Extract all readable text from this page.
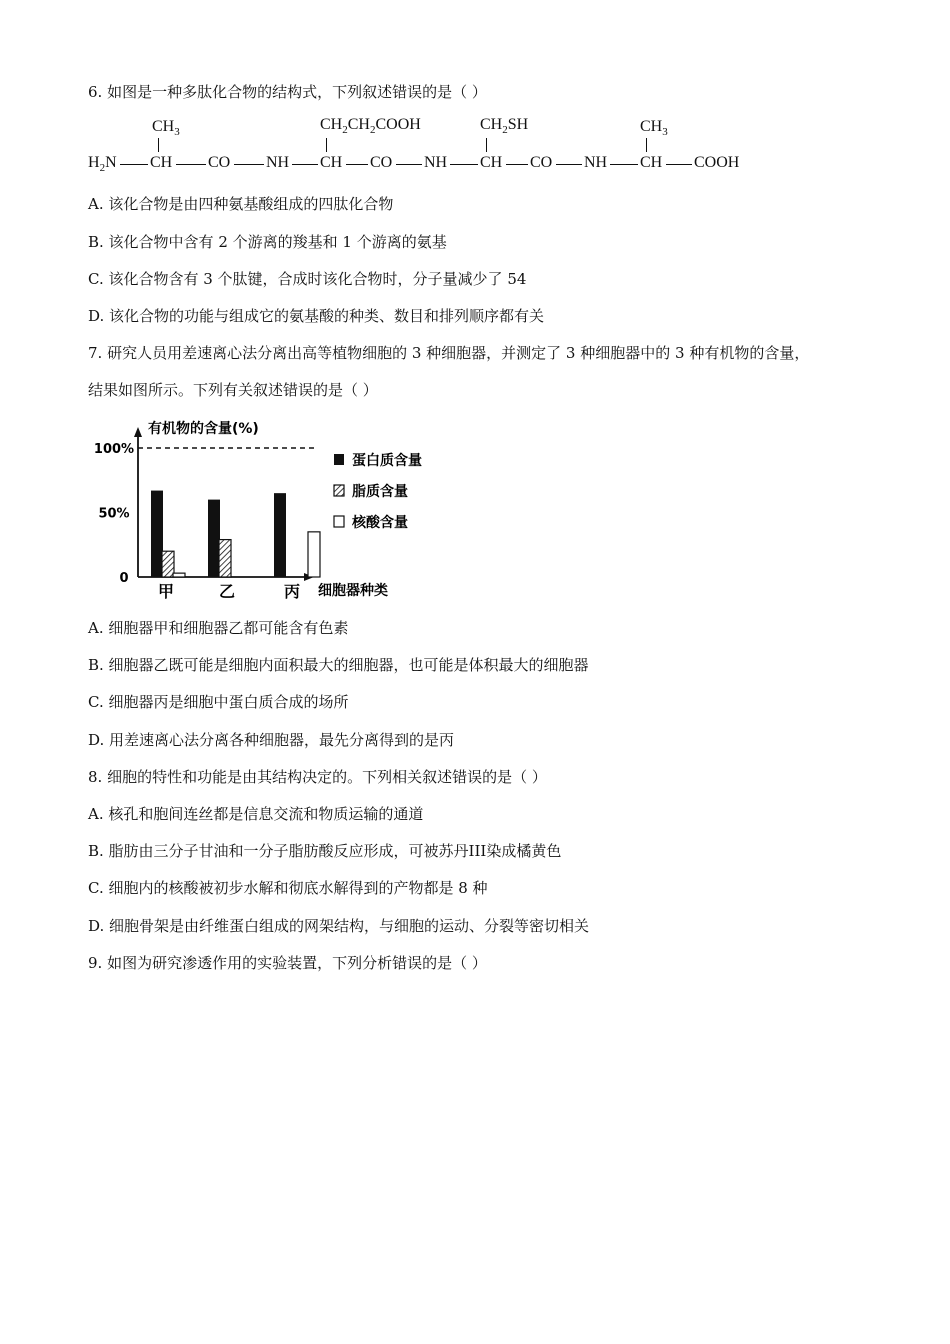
6. 如图是一种多肽化合物的结构式，下列叙述错误的是（ ）
$CH_3$	$CH_2CH_2COOH$	$CH_2SH$	$CH_3$
$H_2N$ CH CO NH CH CO NH CH CO NH CH COOH
A. 该化合物是由四种氨基酸组成的四肽化合物
B. 该化合物中含有 2 个游离的羧基和 1 个游离的氨基
C. 该化合物含有 3 个肽键，合成时该化合物时，分子量减少了 54
D. 该化合物的功能与组成它的氨基酸的种类、数目和排列顺序都有关
7. 研究人员用差速离心法分离出高等植物细胞的 3 种细胞器，并测定了 3 种细胞器中的 3 种有机物的含量，
结果如图所示。下列有关叙述错误的是（ ）
有机物的含量(%)
0
50%
100%
甲	乙	丙 细胞器种类
蛋白质含量
脂质含量
核酸含量
A. 细胞器甲和细胞器乙都可能含有色素
B. 细胞器乙既可能是细胞内面积最大的细胞器，也可能是体积最大的细胞器
C. 细胞器丙是细胞中蛋白质合成的场所
D. 用差速离心法分离各种细胞器，最先分离得到的是丙
8. 细胞的特性和功能是由其结构决定的。下列相关叙述错误的是（ ）
A. 核孔和胞间连丝都是信息交流和物质运输的通道
B. 脂肪由三分子甘油和一分子脂肪酸反应形成，可被苏丹III染成橘黄色
C. 细胞内的核酸被初步水解和彻底水解得到的产物都是 8 种
D. 细胞骨架是由纤维蛋白组成的网架结构，与细胞的运动、分裂等密切相关
9. 如图为研究渗透作用的实验装置，下列分析错误的是（ ）
